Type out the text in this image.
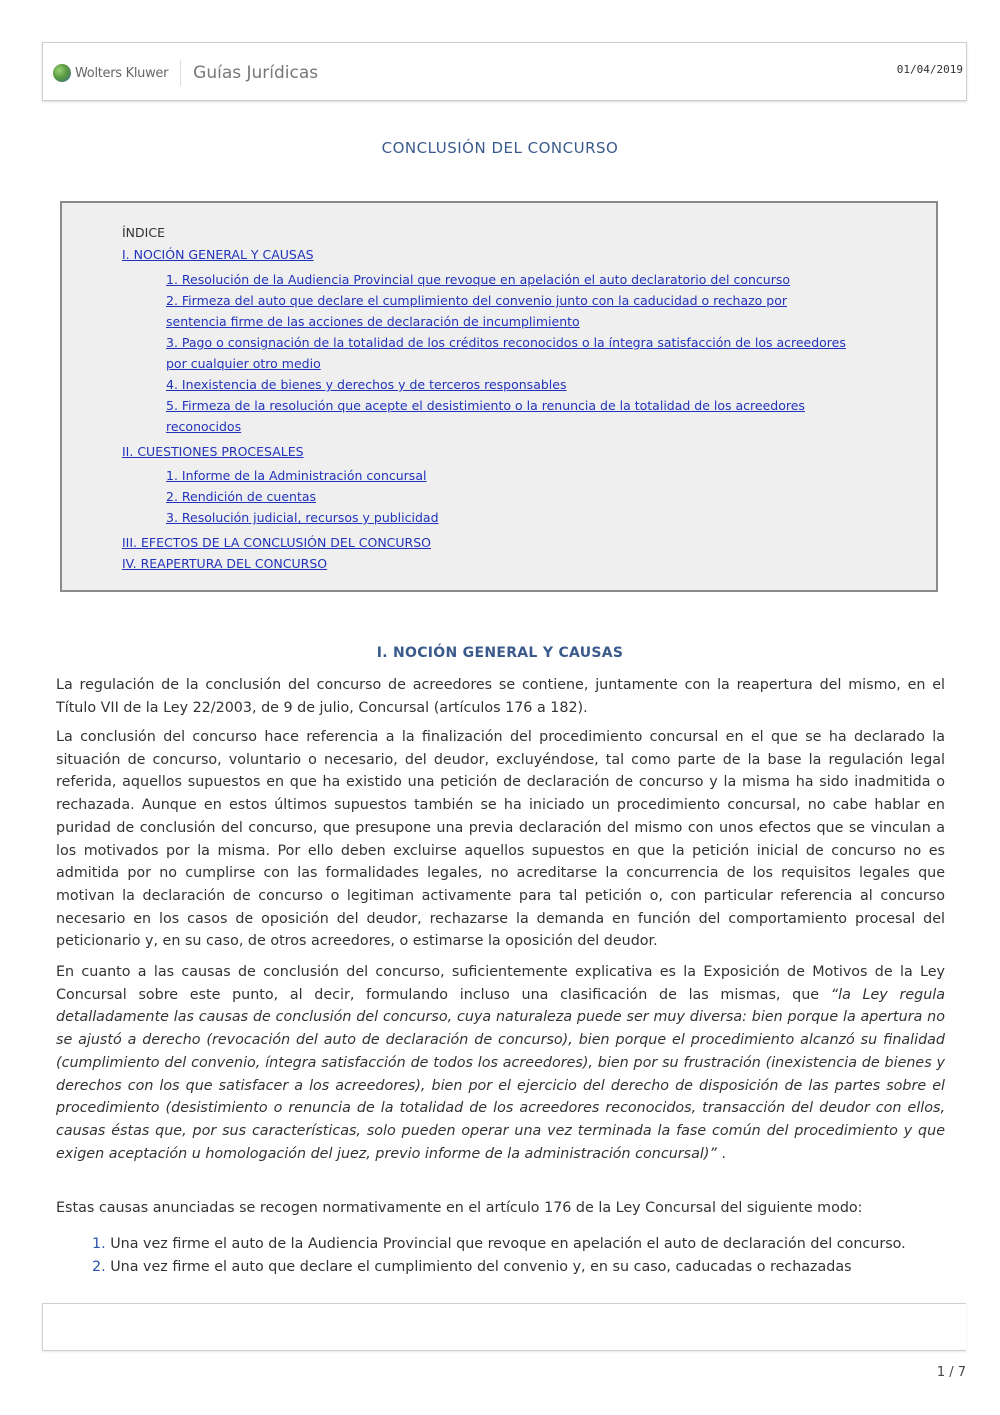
Wolters Kluwer Guías Jurídicas	01/04/2019
CONCLUSIÓN DEL CONCURSO
ÍNDICE
I. NOCIÓN GENERAL Y CAUSAS
1. Resolución de la Audiencia Provincial que revoque en apelación el auto declaratorio del concurso
2. Firmeza del auto que declare el cumplimiento del convenio junto con la caducidad o rechazo por sentencia firme de las acciones de declaración de incumplimiento
3. Pago o consignación de la totalidad de los créditos reconocidos o la íntegra satisfacción de los acreedores por cualquier otro medio
4. Inexistencia de bienes y derechos y de terceros responsables
5. Firmeza de la resolución que acepte el desistimiento o la renuncia de la totalidad de los acreedores reconocidos
II. CUESTIONES PROCESALES
1. Informe de la Administración concursal
2. Rendición de cuentas
3. Resolución judicial, recursos y publicidad
III. EFECTOS DE LA CONCLUSIÓN DEL CONCURSO
IV. REAPERTURA DEL CONCURSO
I. NOCIÓN GENERAL Y CAUSAS

La regulación de la conclusión del concurso de acreedores se contiene, juntamente con la reapertura del mismo, en el Título VII de la Ley 22/2003, de 9 de julio, Concursal (artículos 176 a 182).

La conclusión del concurso hace referencia a la finalización del procedimiento concursal en el que se ha declarado la situación de concurso, voluntario o necesario, del deudor, excluyéndose, tal como parte de la base la regulación legal referida, aquellos supuestos en que ha existido una petición de declaración de concurso y la misma ha sido inadmitida o rechazada. Aunque en estos últimos supuestos también se ha iniciado un procedimiento concursal, no cabe hablar en puridad de conclusión del concurso, que presupone una previa declaración del mismo con unos efectos que se vinculan a los motivados por la misma. Por ello deben excluirse aquellos supuestos en que la petición inicial de concurso no es admitida por no cumplirse con las formalidades legales, no acreditarse la concurrencia de los requisitos legales que motivan la declaración de concurso o legitiman activamente para tal petición o, con particular referencia al concurso necesario en los casos de oposición del deudor, rechazarse la demanda en función del comportamiento procesal del peticionario y, en su caso, de otros acreedores, o estimarse la oposición del deudor.

En cuanto a las causas de conclusión del concurso, suficientemente explicativa es la Exposición de Motivos de la Ley Concursal sobre este punto, al decir, formulando incluso una clasificación de las mismas, que “la Ley regula detalladamente las causas de conclusión del concurso, cuya naturaleza puede ser muy diversa: bien porque la apertura no se ajustó a derecho (revocación del auto de declaración de concurso), bien porque el procedimiento alcanzó su finalidad (cumplimiento del convenio, íntegra satisfacción de todos los acreedores), bien por su frustración (inexistencia de bienes y derechos con los que satisfacer a los acreedores), bien por el ejercicio del derecho de disposición de las partes sobre el procedimiento (desistimiento o renuncia de la totalidad de los acreedores reconocidos, transacción del deudor con ellos, causas éstas que, por sus características, solo pueden operar una vez terminada la fase común del procedimiento y que exigen aceptación u homologación del juez, previo informe de la administración concursal)” .

Estas causas anunciadas se recogen normativamente en el artículo 176 de la Ley Concursal del siguiente modo:

1. Una vez firme el auto de la Audiencia Provincial que revoque en apelación el auto de declaración del concurso.
2. Una vez firme el auto que declare el cumplimiento del convenio y, en su caso, caducadas o rechazadas
1 / 7
